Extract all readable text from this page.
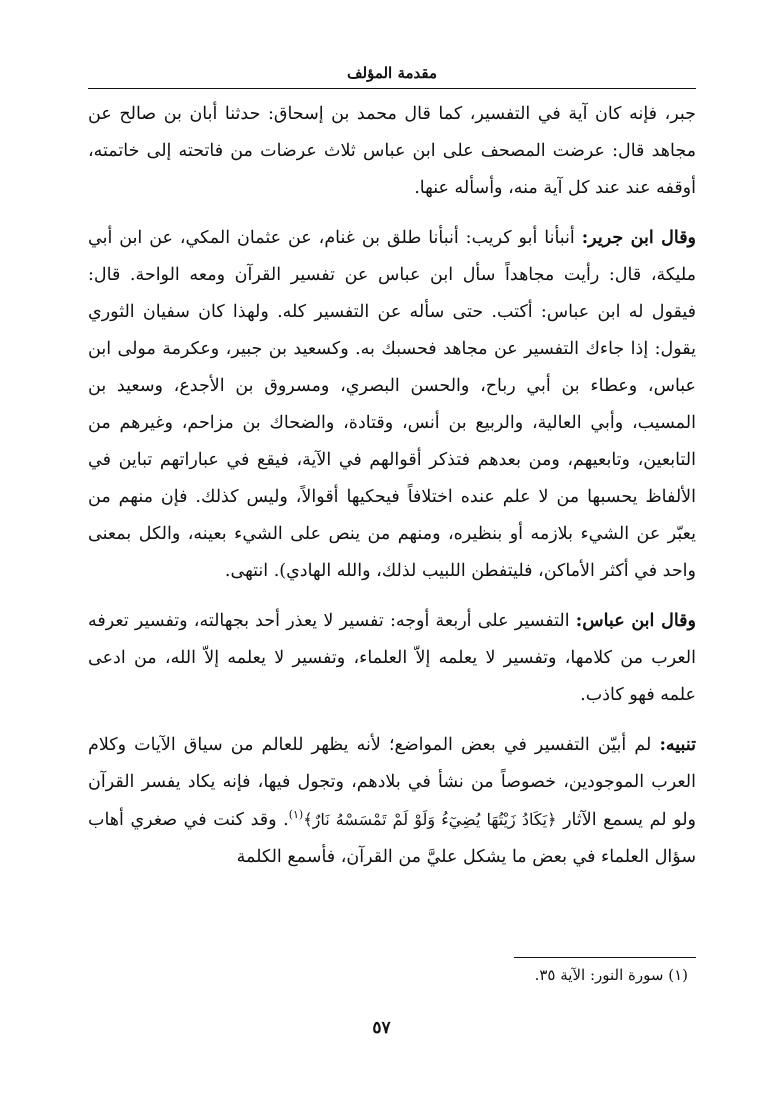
مقدمة المؤلف

جبر، فإنه كان آية في التفسير، كما قال محمد بن إسحاق: حدثنا أبان بن صالح عن مجاهد قال: عرضت المصحف على ابن عباس ثلاث عرضات من فاتحته إلى خاتمته، أوقفه عند عند كل آية منه، وأسأله عنها.

وقال ابن جرير: أنبأنا أبو كريب: أنبأنا طلق بن غنام، عن عثمان المكي، عن ابن أبي مليكة، قال: رأيت مجاهداً سأل ابن عباس عن تفسير القرآن ومعه الواحة. قال: فيقول له ابن عباس: أكتب. حتى سأله عن التفسير كله. ولهذا كان سفيان الثوري يقول: إذا جاءك التفسير عن مجاهد فحسبك به. وكسعيد بن جبير، وعكرمة مولى ابن عباس، وعطاء بن أبي رباح، والحسن البصري، ومسروق بن الأجدع، وسعيد بن المسيب، وأبي العالية، والربيع بن أنس، وقتادة، والضحاك بن مزاحم، وغيرهم من التابعين، وتابعيهم، ومن بعدهم فتذكر أقوالهم في الآية، فيقع في عباراتهم تباين في الألفاظ يحسبها من لا علم عنده اختلافاً فيحكيها أقوالاً، وليس كذلك. فإن منهم من يعبّر عن الشيء بلازمه أو بنظيره، ومنهم من ينص على الشيء بعينه، والكل بمعنى واحد في أكثر الأماكن، فليتفطن اللبيب لذلك، والله الهادي). انتهى.

وقال ابن عباس: التفسير على أربعة أوجه: تفسير لا يعذر أحد بجهالته، وتفسير تعرفه العرب من كلامها، وتفسير لا يعلمه إلاّ العلماء، وتفسير لا يعلمه إلاّ الله، من ادعى علمه فهو كاذب.

تنبيه: لم أبيّن التفسير في بعض المواضع؛ لأنه يظهر للعالم من سياق الآيات وكلام العرب الموجودين، خصوصاً من نشأ في بلادهم، وتجول فيها، فإنه يكاد يفسر القرآن ولو لم يسمع الآثار ﴿يَكَادُ زَيْتُهَا يُضِيٓءُ وَلَوْ لَمْ تَمْسَسْهُ نَارٌ﴾$^{(١)}$. وقد كنت في صغري أهاب سؤال العلماء في بعض ما يشكل عليَّ من القرآن، فأسمع الكلمة

(١) سورة النور: الآية ٣٥.
٥٧
